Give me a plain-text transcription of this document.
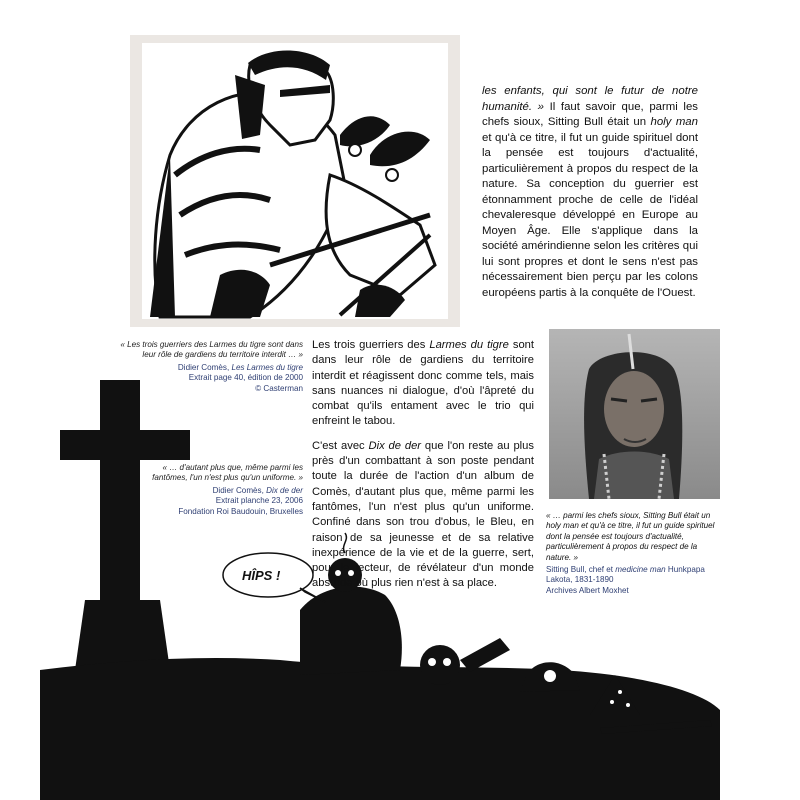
les enfants, qui sont le futur de notre humanité. » Il faut savoir que, parmi les chefs sioux, Sitting Bull était un holy man et qu'à ce titre, il fut un guide spirituel dont la pensée est toujours d'actualité, particulièrement à propos du respect de la nature. Sa conception du guerrier est étonnamment proche de celle de l'idéal chevaleresque développé en Europe au Moyen Âge. Elle s'applique dans la société amérindienne selon les critères qui lui sont propres et dont le sens n'est pas nécessairement bien perçu par les colons européens partis à la conquête de l'Ouest.
« Les trois guerriers des Larmes du tigre sont dans leur rôle de gardiens du territoire interdit … »
Didier Comès, Les Larmes du tigre
Extrait page 40, édition de 2000
© Casterman
« … d'autant plus que, même parmi les fantômes, l'un n'est plus qu'un uniforme. »
Didier Comès, Dix de der
Extrait planche 23, 2006
Fondation Roi Baudouin, Bruxelles
HÎPS !

Les trois guerriers des Larmes du tigre sont dans leur rôle de gardiens du territoire interdit et réagissent donc comme tels, mais sans nuances ni dialogue, d'où l'âpreté du combat qu'ils entament avec le trio qui enfreint le tabou.

C'est avec Dix de der que l'on reste au plus près d'un combattant à son poste pendant toute la durée de l'action d'un album de Comès, d'autant plus que, même parmi les fantômes, l'un n'est plus qu'un uniforme. Confiné dans son trou d'obus, le Bleu, en raison de sa jeunesse et de sa relative inexpérience de la vie et de la guerre, sert, pour le lecteur, de révélateur d'un monde absurde où plus rien n'est à sa place.

« … parmi les chefs sioux, Sitting Bull était un holy man et qu'à ce titre, il fut un guide spirituel dont la pensée est toujours d'actualité, particulièrement à propos du respect de la nature. »
Sitting Bull, chef et medicine man Hunkpapa Lakota, 1831-1890
Archives Albert Moxhet
